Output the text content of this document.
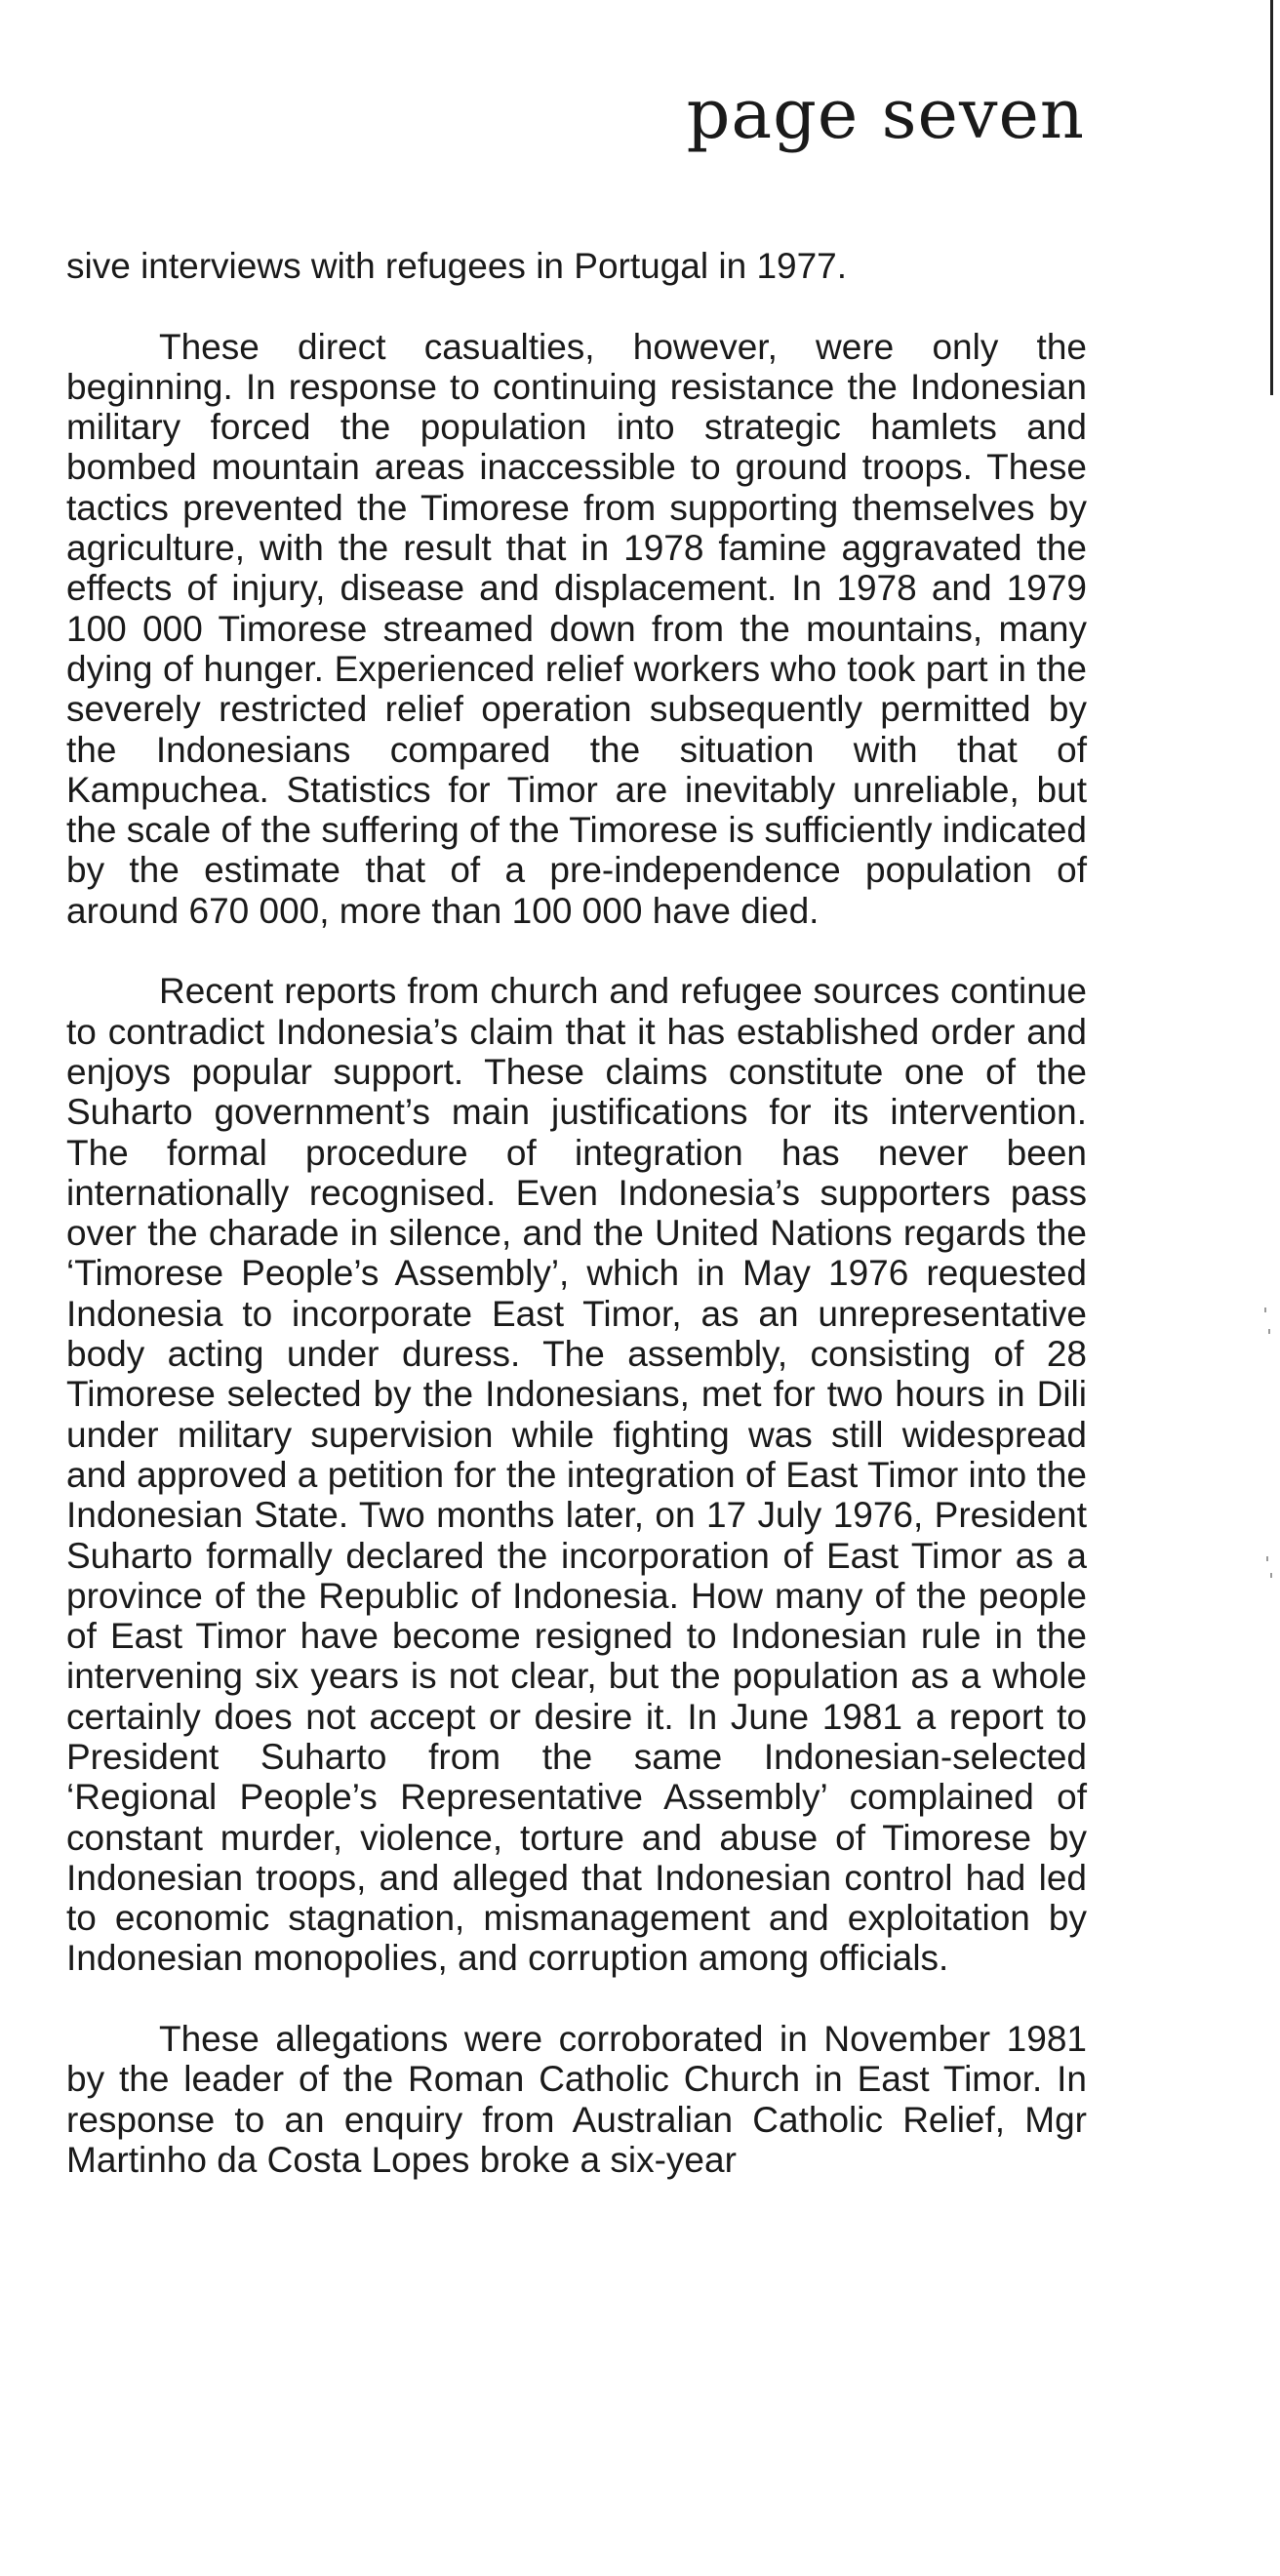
page seven

sive interviews with refugees in Portugal in 1977.

These direct casualties, however, were only the beginning. In response to continuing resistance the Indonesian military forced the population into strategic hamlets and bombed mountain areas inaccessible to ground troops. These tactics prevented the Timorese from supporting themselves by agriculture, with the result that in 1978 famine aggravated the effects of injury, disease and displacement. In 1978 and 1979 100 000 Timorese streamed down from the mountains, many dying of hunger. Experienced relief workers who took part in the severely restricted relief operation subsequently permitted by the Indonesians compared the situation with that of Kampuchea. Statistics for Timor are inevitably unreliable, but the scale of the suffering of the Timorese is sufficiently indicated by the estimate that of a pre-independence population of around 670 000, more than 100 000 have died.

Recent reports from church and refugee sources continue to contradict Indonesia’s claim that it has established order and enjoys popular support. These claims constitute one of the Suharto government’s main justifications for its intervention. The formal procedure of integration has never been internationally recognised. Even Indonesia’s supporters pass over the charade in silence, and the United Nations regards the ‘Timorese People’s Assembly’, which in May 1976 requested Indonesia to incorporate East Timor, as an unrepresentative body acting under duress. The assembly, consisting of 28 Timorese selected by the Indonesians, met for two hours in Dili under military supervision while fighting was still widespread and approved a petition for the integration of East Timor into the Indonesian State. Two months later, on 17 July 1976, President Suharto formally declared the incorporation of East Timor as a province of the Republic of Indonesia. How many of the people of East Timor have become resigned to Indonesian rule in the intervening six years is not clear, but the population as a whole certainly does not accept or desire it. In June 1981 a report to President Suharto from the same Indonesian-selected ‘Regional People’s Representative Assembly’ complained of constant murder, violence, torture and abuse of Timorese by Indonesian troops, and alleged that Indonesian control had led to economic stagnation, mismanagement and exploitation by Indonesian monopolies, and corruption among officials.

These allegations were corroborated in November 1981 by the leader of the Roman Catholic Church in East Timor. In response to an enquiry from Australian Catholic Relief, Mgr Martinho da Costa Lopes broke a six-year
